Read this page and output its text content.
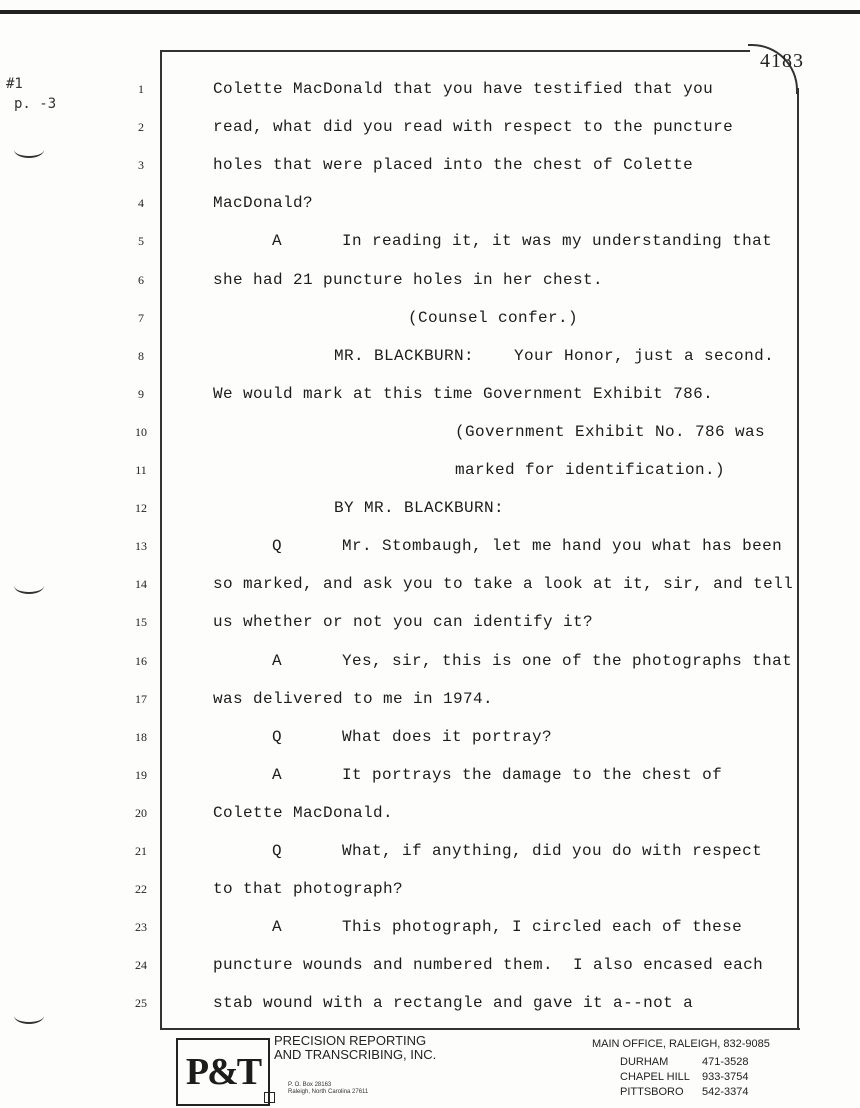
#1
p. -3
4183
1	Colette MacDonald that you have testified that you
2	read, what did you read with respect to the puncture
3	holes that were placed into the chest of Colette
4	MacDonald?
5	A      In reading it, it was my understanding that
6	she had 21 puncture holes in her chest.
7	(Counsel confer.)
8	MR. BLACKBURN:    Your Honor, just a second.
9	We would mark at this time Government Exhibit 786.
10	(Government Exhibit No. 786 was
11	marked for identification.)
12	BY MR. BLACKBURN:
13	Q      Mr. Stombaugh, let me hand you what has been
14	so marked, and ask you to take a look at it, sir, and tell
15	us whether or not you can identify it?
16	A      Yes, sir, this is one of the photographs that
17	was delivered to me in 1974.
18	Q      What does it portray?
19	A      It portrays the damage to the chest of
20	Colette MacDonald.
21	Q      What, if anything, did you do with respect
22	to that photograph?
23	A      This photograph, I circled each of these
24	puncture wounds and numbered them.  I also encased each
25	stab wound with a rectangle and gave it a--not a
P&T
PRECISION REPORTING
AND TRANSCRIBING, INC.
P. O. Box 28163
Raleigh, North Carolina 27611
MAIN OFFICE, RALEIGH, 832-9085
DURHAM	471-3528
CHAPEL HILL 933-3754
PITTSBORO 542-3374
